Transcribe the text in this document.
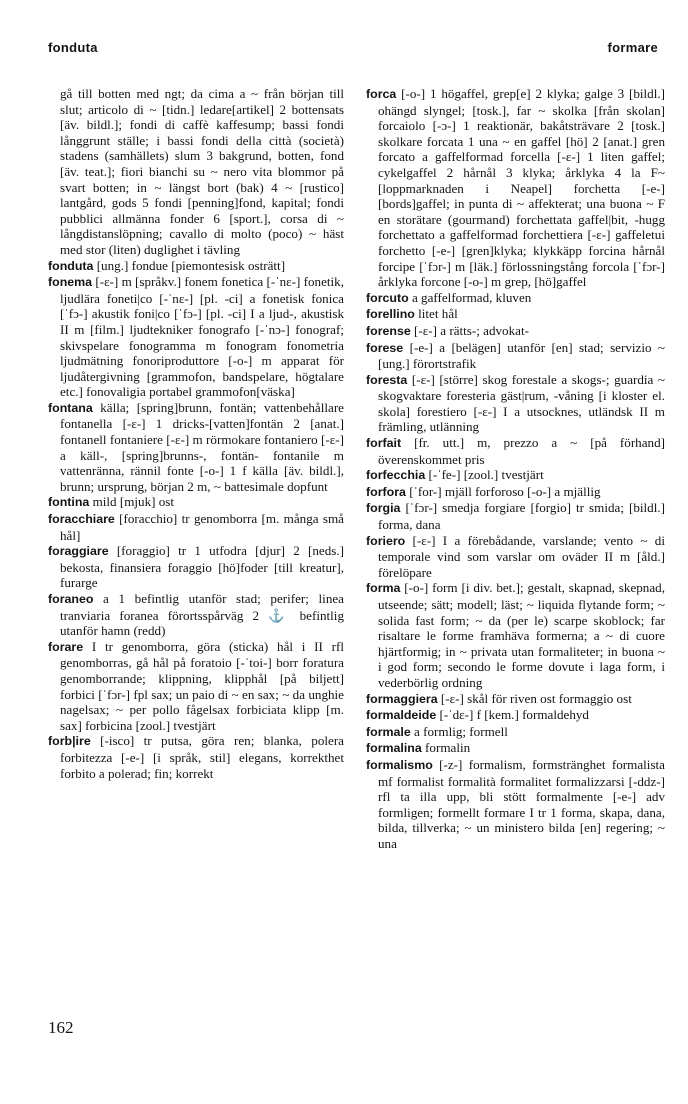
fonduta	formare

gå till botten med ngt; da cima a ~ från början till slut; articolo di ~ [tidn.] ledare[artikel] 2 bottensats [äv. bildl.]; fondi di caffè kaffesump; bassi fondi långgrunt ställe; i bassi fondi della città (società) stadens (samhällets) slum 3 bakgrund, botten, fond [äv. teat.]; fiori bianchi su ~ nero vita blommor på svart botten; in ~ längst bort (bak) 4 ~ [rustico] lantgård, gods 5 fondi [penning]fond, kapital; fondi pubblici allmänna fonder 6 [sport.], corsa di ~ långdistanslöpning; cavallo di molto (poco) ~ häst med stor (liten) duglighet i tävling

fonduta [ung.] fondue [piemontesisk osträtt]

fonema [-ɛ-] m [språkv.] fonem fonetica [-ˈnɛ-] fonetik, ljudlära foneti|co [-ˈnɛ-] [pl. -ci] a fonetisk fonica [ˈfɔ-] akustik foni|co [ˈfɔ-] [pl. -ci] I a ljud-, akustisk II m [film.] ljudtekniker fonografo [-ˈnɔ-] fonograf; skivspelare fonogramma m fonogram fonometria ljudmätning fonoriproduttore [-o-] m apparat för ljudåtergivning [grammofon, bandspelare, högtalare etc.] fonovaligia portabel grammofon[väska]

fontana källa; [spring]brunn, fontän; vattenbehållare fontanella [-ɛ-] 1 dricks-[vatten]fontän 2 [anat.] fontanell fontaniere [-ɛ-] m rörmokare fontaniero [-ɛ-] a käll-, [spring]brunns-, fontän- fontanile m vattenränna, rännil fonte [-o-] 1 f källa [äv. bildl.], brunn; ursprung, början 2 m, ~ battesimale dopfunt

fontina mild [mjuk] ost

foracchiare [foracchio] tr genomborra [m. många små hål]

foraggiare [foraggio] tr 1 utfodra [djur] 2 [neds.] bekosta, finansiera foraggio [hö]foder [till kreatur], furarge

foraneo a 1 befintlig utanför stad; perifer; linea tranviaria foranea förortsspårväg 2 ⚓ befintlig utanför hamn (redd)

forare I tr genomborra, göra (sticka) hål i II rfl genomborras, gå hål på foratoio [-ˈtoi-] borr foratura genomborrande; klippning, klipphål [på biljett] forbici [ˈfɔr-] fpl sax; un paio di ~ en sax; ~ da unghie nagelsax; ~ per pollo fågelsax forbiciata klipp [m. sax] forbicina [zool.] tvestjärt

forb|ire [-isco] tr putsa, göra ren; blanka, polera forbitezza [-e-] [i språk, stil] elegans, korrekthet forbito a polerad; fin; korrekt

forca [-o-] 1 högaffel, grep[e] 2 klyka; galge 3 [bildl.] ohängd slyngel; [tosk.], far ~ skolka [från skolan] forcaiolo [-ɔ-] 1 reaktionär, bakåtsträvare 2 [tosk.] skolkare forcata 1 una ~ en gaffel [hö] 2 [anat.] gren forcato a gaffelformad forcella [-ɛ-] 1 liten gaffel; cykelgaffel 2 hårnål 3 klyka; årklyka 4 la F~ [loppmarknaden i Neapel] forchetta [-e-] [bords]gaffel; in punta di ~ affekterat; una buona ~ F en storätare (gourmand) forchettata gaffel|bit, -hugg forchettato a gaffelformad forchettiera [-ɛ-] gaffeletui forchetto [-e-] [gren]klyka; klykkäpp forcina hårnål forcipe [ˈfɔr-] m [läk.] förlossningstång forcola [ˈfɔr-] årklyka forcone [-o-] m grep, [hö]gaffel

forcuto a gaffelformad, kluven

forellino litet hål

forense [-ɛ-] a rätts-; advokat-

forese [-e-] a [belägen] utanför [en] stad; servizio ~ [ung.] förortstrafik

foresta [-ɛ-] [större] skog forestale a skogs-; guardia ~ skogvaktare foresteria gäst|rum, -våning [i kloster el. skola] forestiero [-ɛ-] I a utsocknes, utländsk II m främling, utlänning

forfait [fr. utt.] m, prezzo a ~ [på förhand] överenskommet pris

forfecchia [-ˈfe-] [zool.] tvestjärt

forfora [ˈfor-] mjäll forforoso [-o-] a mjällig

forgia [ˈfɔr-] smedja forgiare [forgio] tr smida; [bildl.] forma, dana

foriero [-ɛ-] I a förebådande, varslande; vento ~ di temporale vind som varslar om oväder II m [åld.] förelöpare

forma [-o-] form [i div. bet.]; gestalt, skapnad, skepnad, utseende; sätt; modell; läst; ~ liquida flytande form; ~ solida fast form; ~ da (per le) scarpe skoblock; far risaltare le forme framhäva formerna; a ~ di cuore hjärtformig; in ~ privata utan formaliteter; in buona ~ i god form; secondo le forme dovute i laga form, i vederbörlig ordning

formaggiera [-ɛ-] skål för riven ost formaggio ost

formaldeide [-ˈdɛ-] f [kem.] formaldehyd

formale a formlig; formell

formalina formalin

formalismo [-z-] formalism, formstränghet formalista mf formalist formalità formalitet formalizzarsi [-ddz-] rfl ta illa upp, bli stött formalmente [-e-] adv formligen; formellt formare I tr 1 forma, skapa, dana, bilda, tillverka; ~ un ministero bilda [en] regering; ~ una

162
